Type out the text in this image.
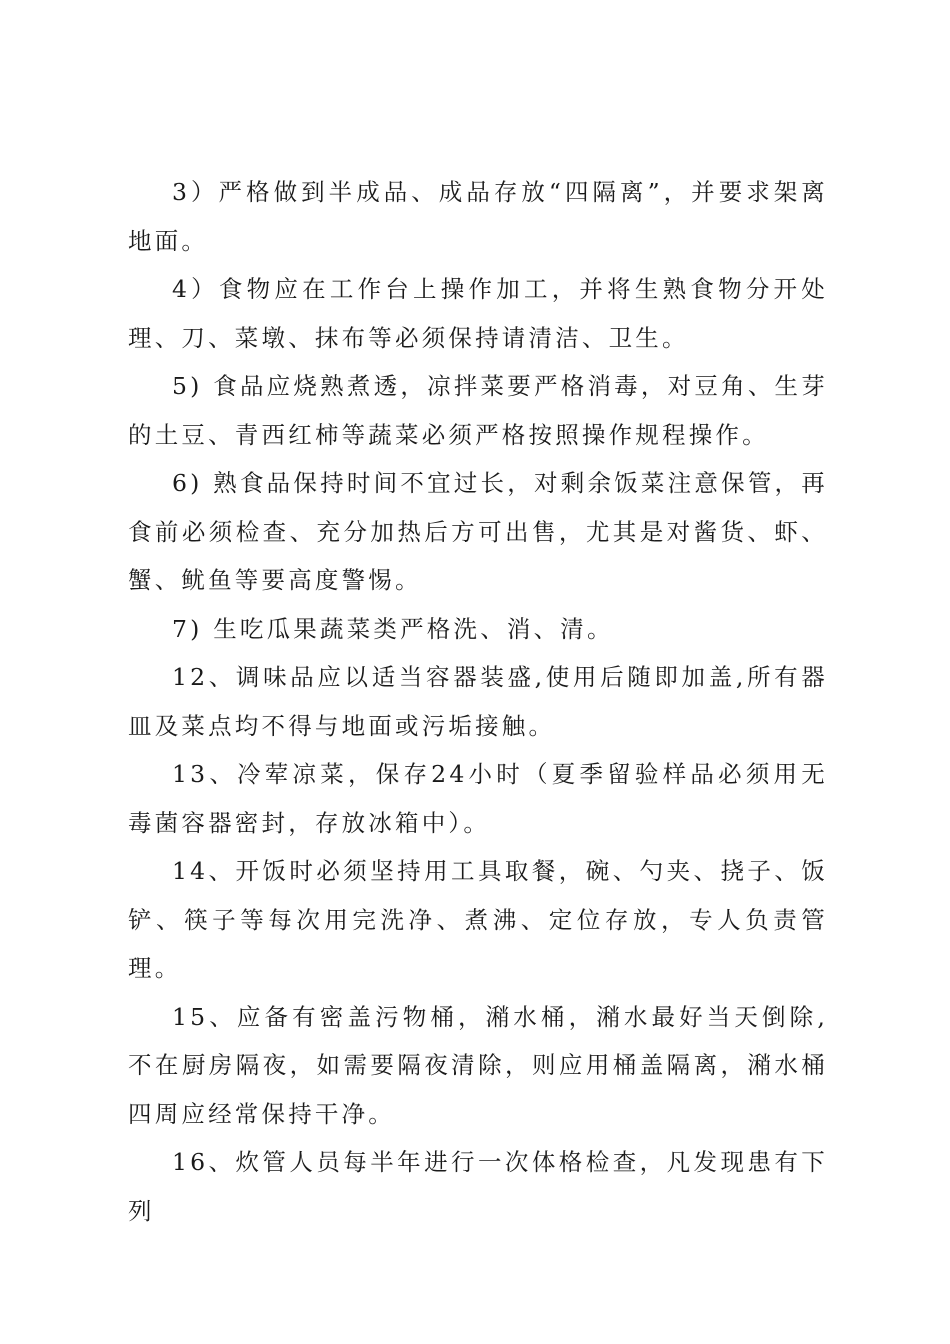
3）严格做到半成品、成品存放“四隔离”，并要求架离地面。

4）食物应在工作台上操作加工，并将生熟食物分开处理、刀、菜墩、抹布等必须保持请清洁、卫生。

5) 食品应烧熟煮透，凉拌菜要严格消毒，对豆角、生芽的土豆、青西红柿等蔬菜必须严格按照操作规程操作。

6) 熟食品保持时间不宜过长，对剩余饭菜注意保管，再食前必须检查、充分加热后方可出售，尤其是对酱货、虾、蟹、鱿鱼等要高度警惕。

7) 生吃瓜果蔬菜类严格洗、消、清。

12、调味品应以适当容器装盛,使用后随即加盖,所有器皿及菜点均不得与地面或污垢接触。

13、冷荤凉菜，保存24小时（夏季留验样品必须用无毒菌容器密封，存放冰箱中）。

14、开饭时必须坚持用工具取餐，碗、勺夹、挠子、饭铲、筷子等每次用完洗净、煮沸、定位存放，专人负责管理。

15、应备有密盖污物桶，潲水桶，潲水最好当天倒除,不在厨房隔夜，如需要隔夜清除，则应用桶盖隔离，潲水桶四周应经常保持干净。

16、炊管人员每半年进行一次体格检查，凡发现患有下列
